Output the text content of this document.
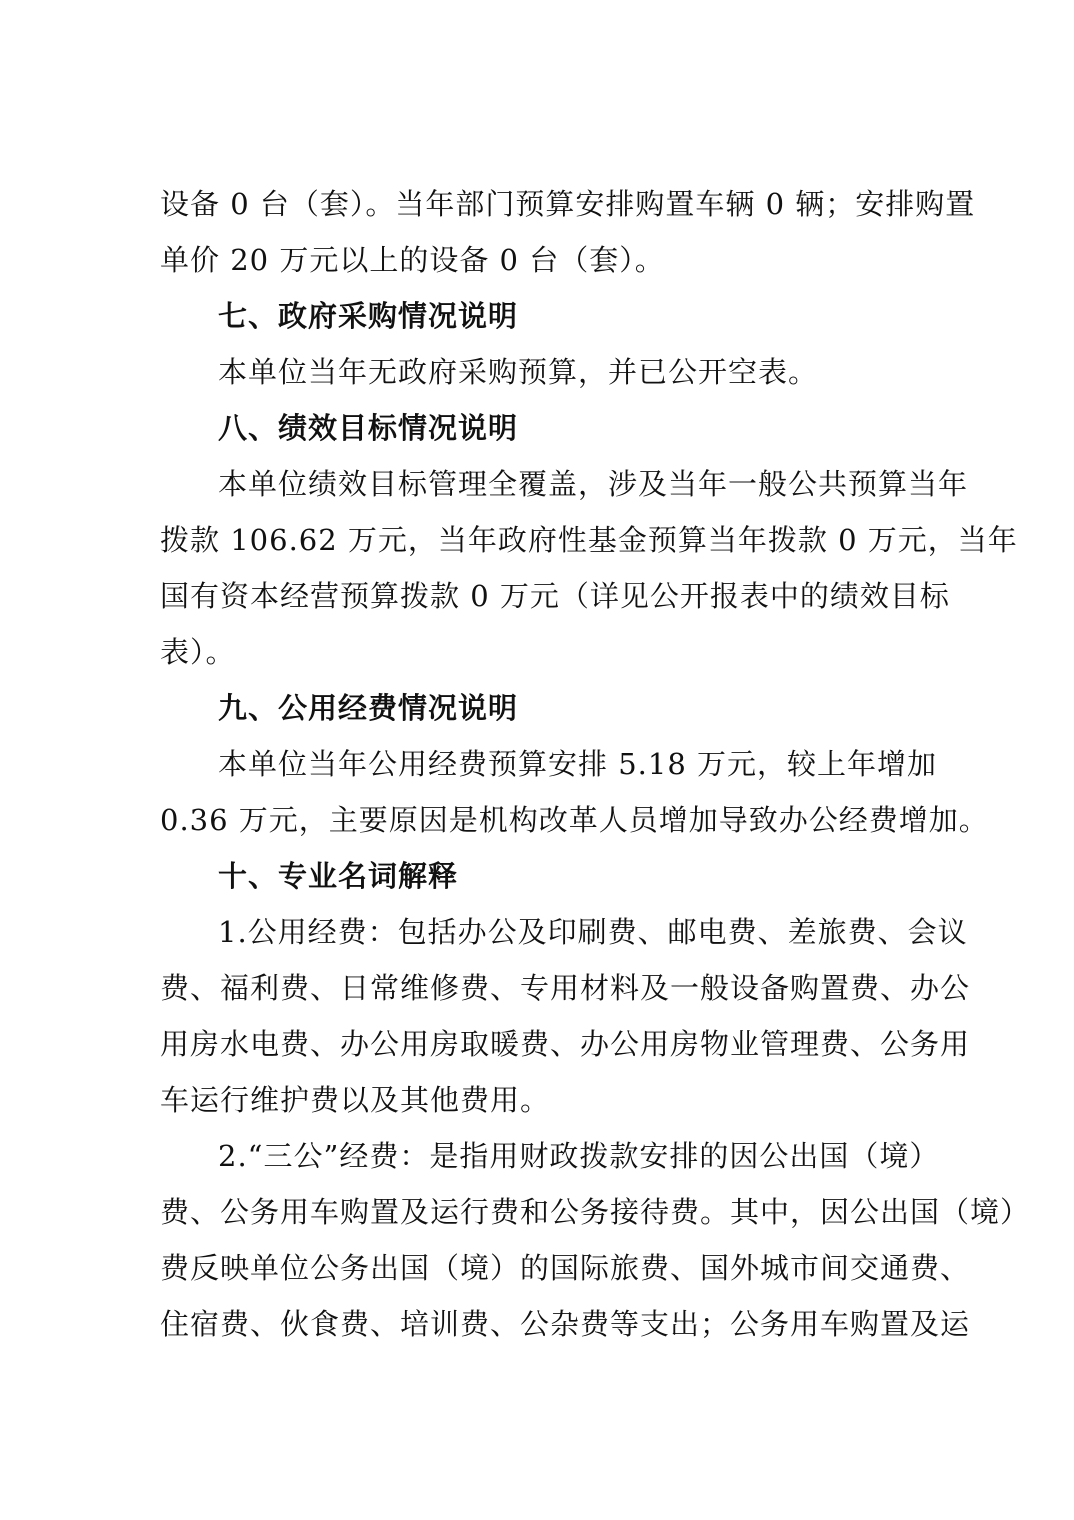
设备 0 台（套）。当年部门预算安排购置车辆 0 辆；安排购置
单价 20 万元以上的设备 0 台（套）。
七、政府采购情况说明
本单位当年无政府采购预算，并已公开空表。
八、绩效目标情况说明
本单位绩效目标管理全覆盖，涉及当年一般公共预算当年
拨款 106.62 万元，当年政府性基金预算当年拨款 0 万元，当年
国有资本经营预算拨款 0 万元（详见公开报表中的绩效目标
表）。
九、公用经费情况说明
本单位当年公用经费预算安排 5.18 万元，较上年增加
0.36 万元，主要原因是机构改革人员增加导致办公经费增加。
十、专业名词解释
1.公用经费：包括办公及印刷费、邮电费、差旅费、会议
费、福利费、日常维修费、专用材料及一般设备购置费、办公
用房水电费、办公用房取暖费、办公用房物业管理费、公务用
车运行维护费以及其他费用。
2.“三公”经费：是指用财政拨款安排的因公出国（境）
费、公务用车购置及运行费和公务接待费。其中，因公出国（境）
费反映单位公务出国（境）的国际旅费、国外城市间交通费、
住宿费、伙食费、培训费、公杂费等支出；公务用车购置及运
